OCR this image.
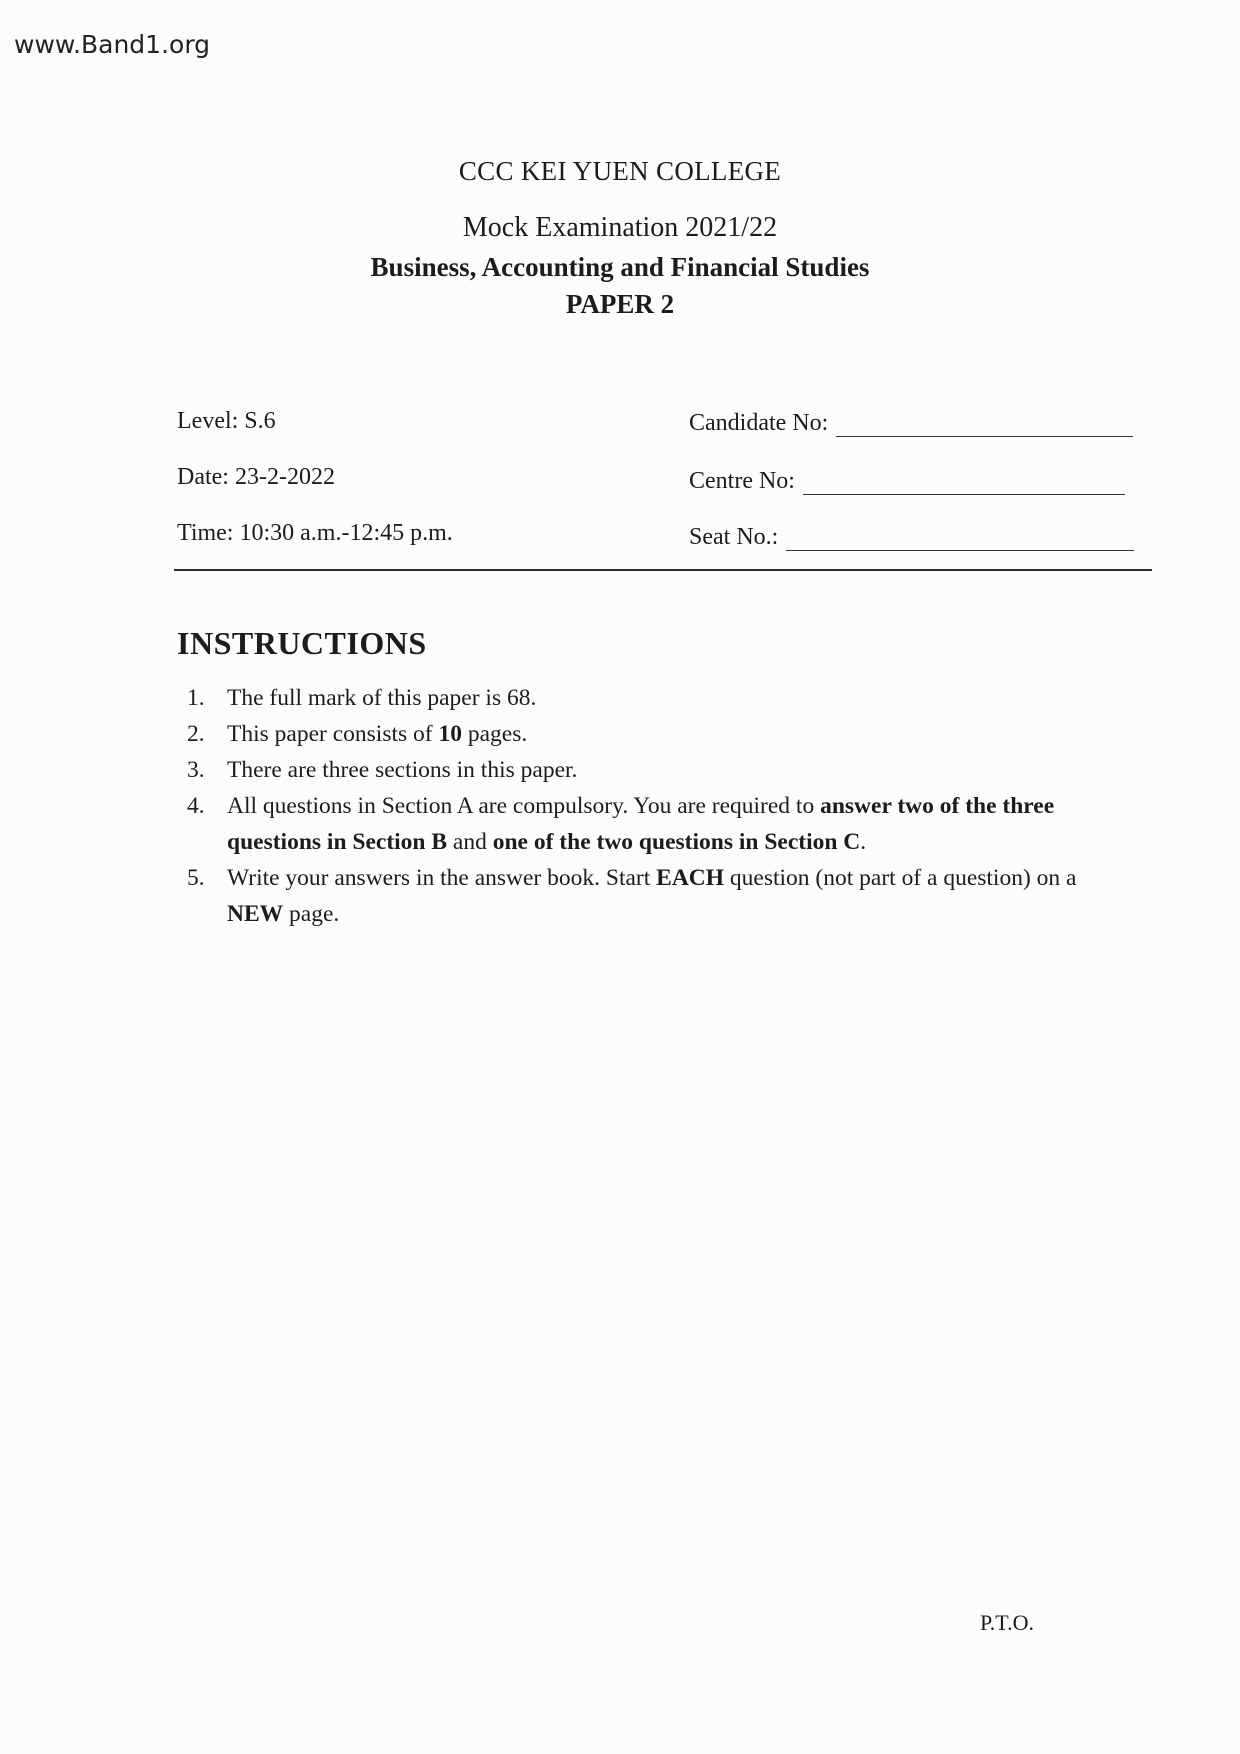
www.Band1.org
CCC KEI YUEN COLLEGE
Mock Examination 2021/22
Business, Accounting and Financial Studies
PAPER 2
Level: S.6
Date: 23-2-2022
Time: 10:30 a.m.-12:45 p.m.
Candidate No:
Centre No:
Seat No.:
INSTRUCTIONS
1. The full mark of this paper is 68.
2. This paper consists of 10 pages.
3. There are three sections in this paper.
4. All questions in Section A are compulsory. You are required to answer two of the three questions in Section B and one of the two questions in Section C.
5. Write your answers in the answer book. Start EACH question (not part of a question) on a NEW page.
P.T.O.
